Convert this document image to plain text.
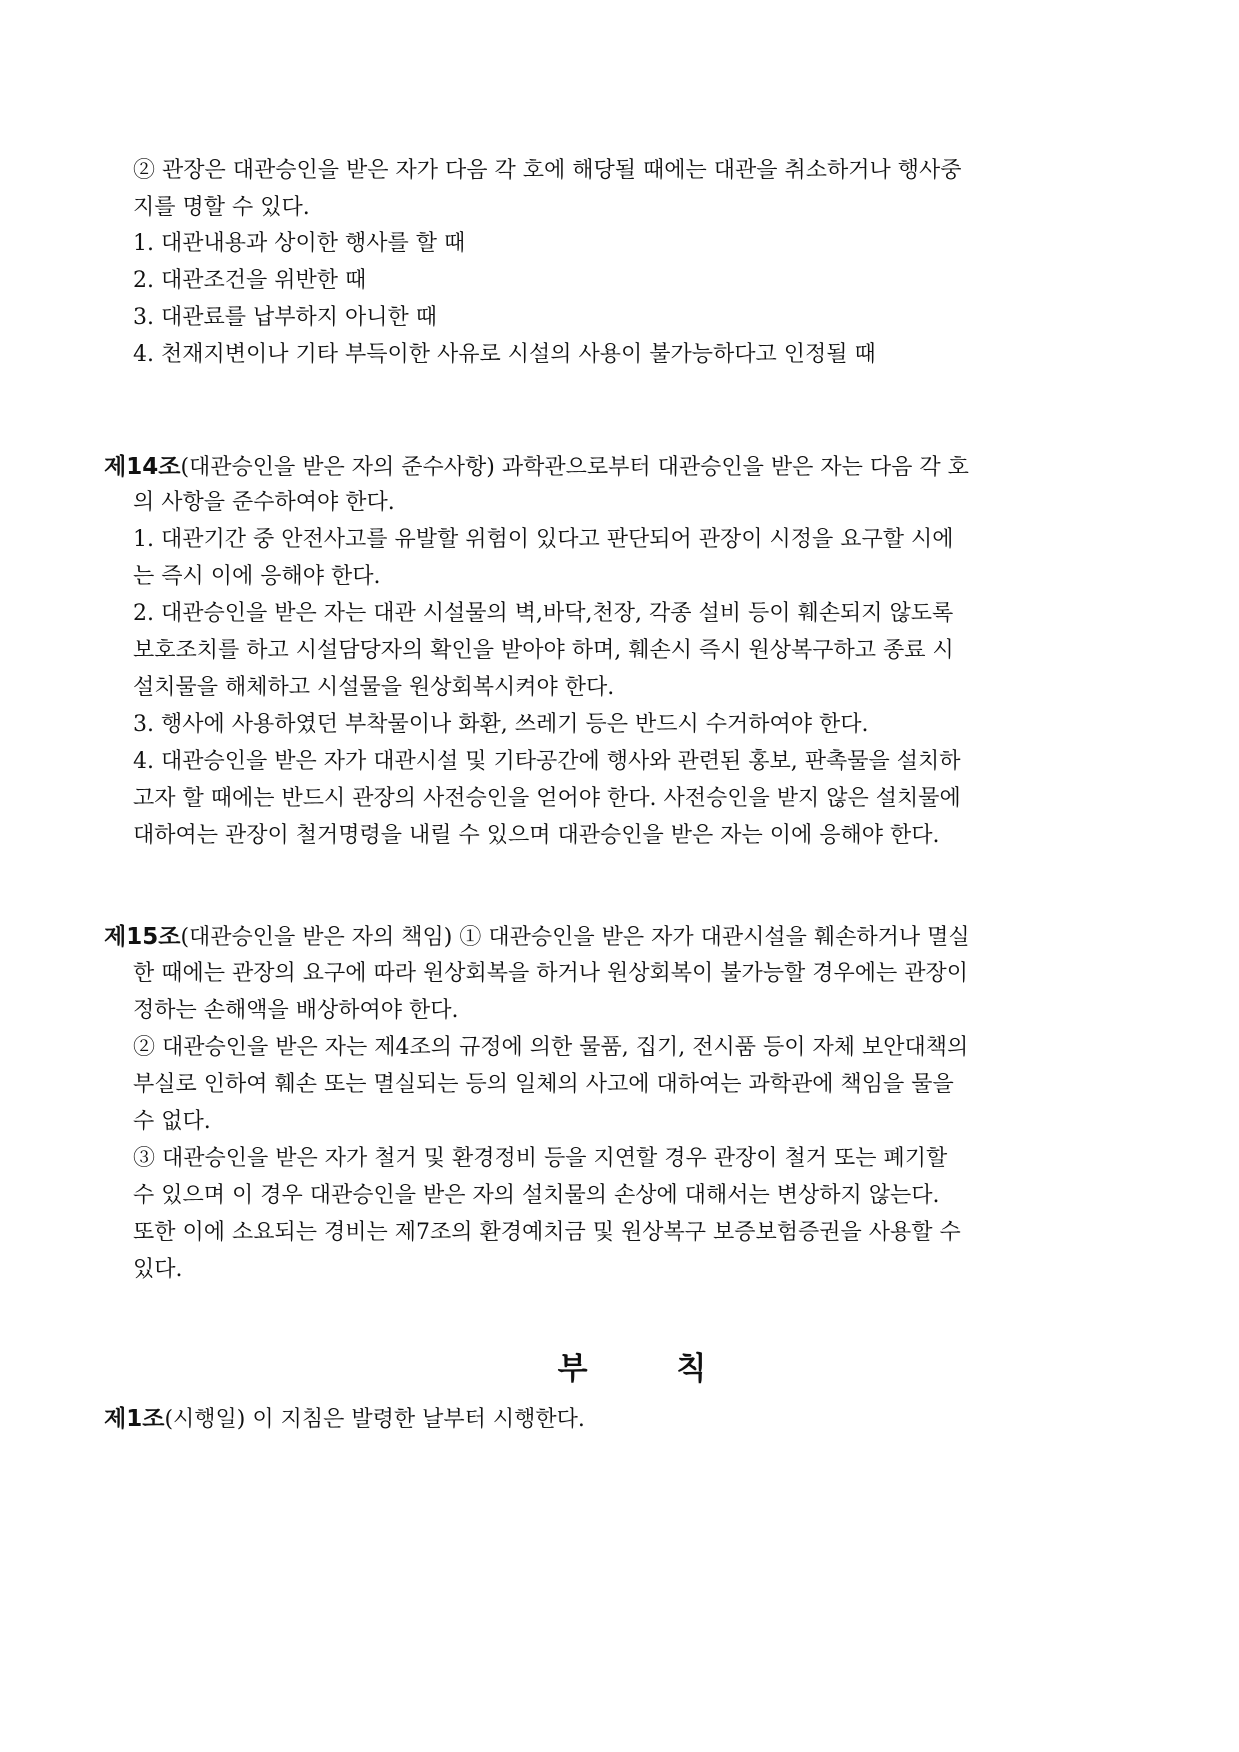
② 관장은 대관승인을 받은 자가 다음 각 호에 해당될 때에는 대관을 취소하거나 행사중
지를 명할 수 있다.
1. 대관내용과 상이한 행사를 할 때
2. 대관조건을 위반한 때
3. 대관료를 납부하지 아니한 때
4. 천재지변이나 기타 부득이한 사유로 시설의 사용이 불가능하다고 인정될 때
제14조(대관승인을 받은 자의 준수사항) 과학관으로부터 대관승인을 받은 자는 다음 각 호
의 사항을 준수하여야 한다.
1. 대관기간 중 안전사고를 유발할 위험이 있다고 판단되어 관장이 시정을 요구할 시에
는 즉시 이에 응해야 한다.
2. 대관승인을 받은 자는 대관 시설물의 벽,바닥,천장, 각종 설비 등이 훼손되지 않도록
보호조치를 하고 시설담당자의 확인을 받아야 하며, 훼손시 즉시 원상복구하고 종료 시
설치물을 해체하고 시설물을 원상회복시켜야 한다.
3. 행사에 사용하였던 부착물이나 화환, 쓰레기 등은 반드시 수거하여야 한다.
4. 대관승인을 받은 자가 대관시설 및 기타공간에 행사와 관련된 홍보, 판촉물을 설치하
고자 할 때에는 반드시 관장의 사전승인을 얻어야 한다. 사전승인을 받지 않은 설치물에
대하여는 관장이 철거명령을 내릴 수 있으며 대관승인을 받은 자는 이에 응해야 한다.
제15조(대관승인을 받은 자의 책임) ① 대관승인을 받은 자가 대관시설을 훼손하거나 멸실
한 때에는 관장의 요구에 따라 원상회복을 하거나 원상회복이 불가능할 경우에는 관장이
정하는 손해액을 배상하여야 한다.
② 대관승인을 받은 자는 제4조의 규정에 의한 물품, 집기, 전시품 등이 자체 보안대책의
부실로 인하여 훼손 또는 멸실되는 등의 일체의 사고에 대하여는 과학관에 책임을 물을
수 없다.
③ 대관승인을 받은 자가 철거 및 환경정비 등을 지연할 경우 관장이 철거 또는 폐기할
수 있으며 이 경우 대관승인을 받은 자의 설치물의 손상에 대해서는 변상하지 않는다.
또한 이에 소요되는 경비는 제7조의 환경예치금 및 원상복구 보증보험증권을 사용할 수
있다.
부 칙
제1조(시행일) 이 지침은 발령한 날부터 시행한다.
